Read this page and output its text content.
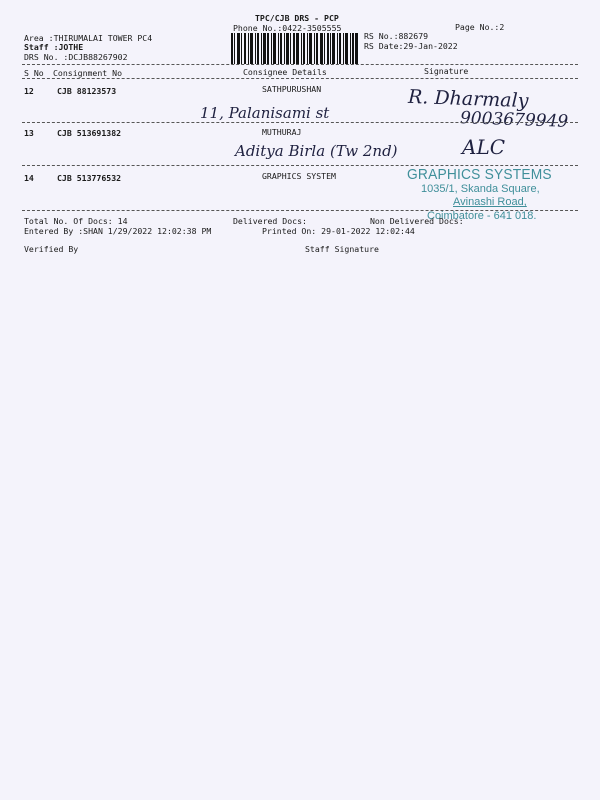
TPC/CJB DRS - PCP
Phone No.:0422-3505555	Page No.:2
Area :THIRUMALAI TOWER PC4
Staff :JOTHE
DRS No. :DCJB88267902
RS No.:882679
RS Date:29-Jan-2022
S No Consignment No	Consignee Details	Signature
12	CJB 88123573	SATHPURUSHAN
11, Palanisami st
R. Dharmaly
9003679949
13	CJB 513691382	MUTHURAJ
Aditya Birla (Tw 2nd)	ALC
14	CJB 513776532	GRAPHICS SYSTEM	GRAPHICS SYSTEMS
1035/1, Skanda Square,
Avinashi Road,
Coimbatore - 641 018.
Total No. Of Docs: 14	Delivered Docs:	Non Delivered Docs:
Entered By :SHAN 1/29/2022 12:02:38 PM	Printed On: 29-01-2022 12:02:44
Verified By	Staff Signature
